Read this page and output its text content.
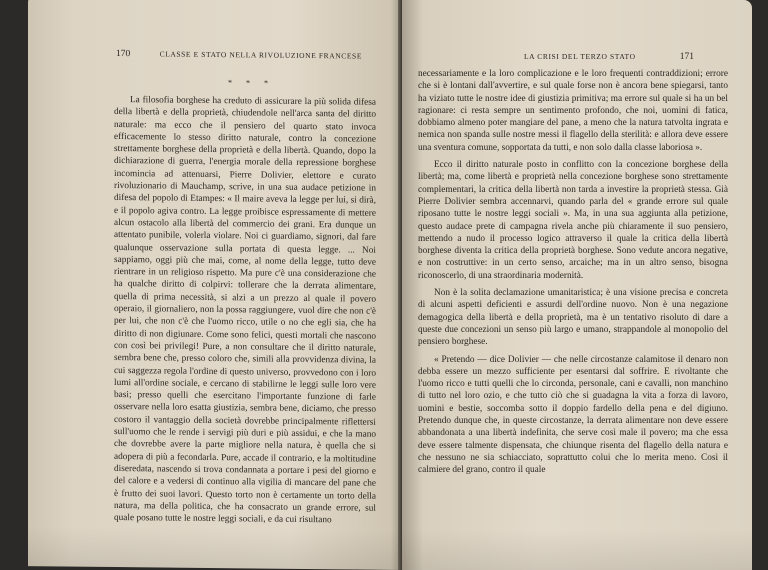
170	CLASSE E STATO NELLA RIVOLUZIONE FRANCESE
* * *

La filosofia borghese ha creduto di assicurare la più solida difesa della libertà e della proprietà, chiudendole nell'arca santa del diritto naturale: ma ecco che il pensiero del quarto stato invoca efficacemente lo stesso diritto naturale, contro la concezione strettamente borghese della proprietà e della libertà. Quando, dopo la dichiarazione di guerra, l'energia morale della repressione borghese incomincia ad attenuarsi, Pierre Dolivier, elettore e curato rivoluzionario di Mauchamp, scrive, in una sua audace petizione in difesa del popolo di Etampes: « Il maire aveva la legge per lui, si dirà, e il popolo agiva contro. La legge proibisce espressamente di mettere alcun ostacolo alla libertà del commercio dei grani. Era dunque un attentato punibile, volerla violare. Noi ci guardiamo, signori, dal fare qualunque osservazione sulla portata di questa legge. ... Noi sappiamo, oggi più che mai, come, al nome della legge, tutto deve rientrare in un religioso rispetto. Ma pure c'è una considerazione che ha qualche diritto di colpirvi: tollerare che la derrata alimentare, quella di prima necessità, si alzi a un prezzo al quale il povero operaio, il giornaliero, non la possa raggiungere, vuol dire che non c'è per lui, che non c'è che l'uomo ricco, utile o no che egli sia, che ha diritto di non digiunare. Come sono felici, questi mortali che nascono con così bei privilegi! Pure, a non consultare che il diritto naturale, sembra bene che, presso coloro che, simili alla provvidenza divina, la cui saggezza regola l'ordine di questo universo, provvedono con i loro lumi all'ordine sociale, e cercano di stabilirne le leggi sulle loro vere basi; presso quelli che esercitano l'importante funzione di farle osservare nella loro esatta giustizia, sembra bene, diciamo, che presso costoro il vantaggio della società dovrebbe principalmente riflettersi sull'uomo che le rende i servigi più duri e più assidui, e che la mano che dovrebbe avere la parte migliore nella natura, è quella che si adopera di più a fecondarla. Pure, accade il contrario, e la moltitudine diseredata, nascendo si trova condannata a portare i pesi del giorno e del calore e a vedersi di continuo alla vigilia di mancare del pane che è frutto dei suoi lavori. Questo torto non è certamente un torto della natura, ma della politica, che ha consacrato un grande errore, sul quale posano tutte le nostre leggi sociali, e da cui risultano

LA CRISI DEL TERZO STATO	171

necessariamente e la loro complicazione e le loro frequenti contraddizioni; errore che si è lontani dall'avvertire, e sul quale forse non è ancora bene spiegarsi, tanto ha viziato tutte le nostre idee di giustizia primitiva; ma errore sul quale si ha un bel ragionare: ci resta sempre un sentimento profondo, che noi, uomini di fatica, dobbiamo almeno poter mangiare del pane, a meno che la natura tatvolta ingrata e nemica non spanda sulle nostre messi il flagello della sterilità: e allora deve essere una sventura comune, sopportata da tutti, e non solo dalla classe laboriosa ».

Ecco il diritto naturale posto in conflitto con la concezione borghese della libertà; ma, come libertà e proprietà nella concezione borghese sono strettamente complementari, la critica della libertà non tarda a investire la proprietà stessa. Già Pierre Dolivier sembra accennarvi, quando parla del « grande errore sul quale riposano tutte le nostre leggi sociali ». Ma, in una sua aggiunta alla petizione, questo audace prete di campagna rivela anche più chiaramente il suo pensiero, mettendo a nudo il processo logico attraverso il quale la critica della libertà borghese diventa la critica della proprietà borghese. Sono vedute ancora negative, e non costruttive: in un certo senso, arcaiche; ma in un altro senso, bisogna riconoscerlo, di una straordinaria modernità.

Non è la solita declamazione umanitaristica; è una visione precisa e concreta di alcuni aspetti deficienti e assurdi dell'ordine nuovo. Non è una negazione demagogica della libertà e della proprietà, ma è un tentativo risoluto di dare a queste due concezioni un senso più largo e umano, strappandole al monopolio del pensiero borghese.

« Pretendo — dice Dolivier — che nelle circostanze calamitose il denaro non debba essere un mezzo sufficiente per esentarsi dal soffrire. E rivoltante che l'uomo ricco e tutti quelli che lo circonda, personale, cani e cavalli, non manchino di tutto nel loro ozio, e che tutto ciò che si guadagna la vita a forza di lavoro, uomini e bestie, soccomba sotto il doppio fardello della pena e del digiuno. Pretendo dunque che, in queste circostanze, la derrata alimentare non deve essere abbandonata a una libertà indefinita, che serve così male il povero; ma che essa deve essere talmente dispensata, che chiunque risenta del flagello della natura e che nessuno ne sia schiacciato, soprattutto colui che lo merita meno. Così il calmiere del grano, contro il quale
